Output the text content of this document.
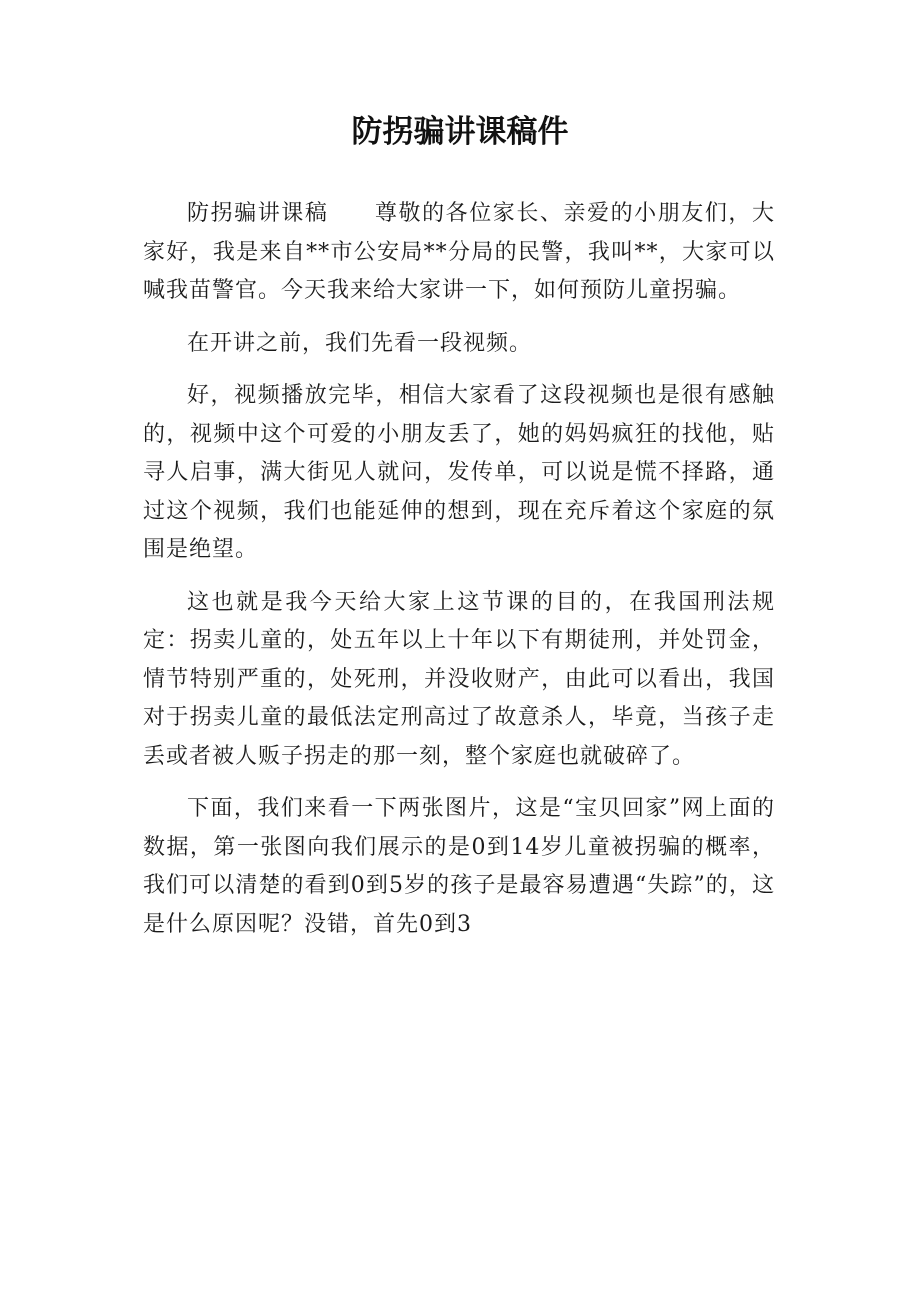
防拐骗讲课稿件

防拐骗讲课稿 尊敬的各位家长、亲爱的小朋友们，大家好，我是来自**市公安局**分局的民警，我叫**，大家可以喊我苗警官。今天我来给大家讲一下，如何预防儿童拐骗。

在开讲之前，我们先看一段视频。

好，视频播放完毕，相信大家看了这段视频也是很有感触的，视频中这个可爱的小朋友丢了，她的妈妈疯狂的找他，贴寻人启事，满大街见人就问，发传单，可以说是慌不择路，通过这个视频，我们也能延伸的想到，现在充斥着这个家庭的氛围是绝望。

这也就是我今天给大家上这节课的目的，在我国刑法规定：拐卖儿童的，处五年以上十年以下有期徒刑，并处罚金，情节特别严重的，处死刑，并没收财产，由此可以看出，我国对于拐卖儿童的最低法定刑高过了故意杀人，毕竟，当孩子走丢或者被人贩子拐走的那一刻，整个家庭也就破碎了。

下面，我们来看一下两张图片，这是“宝贝回家”网上面的数据，第一张图向我们展示的是0到14岁儿童被拐骗的概率，我们可以清楚的看到0到5岁的孩子是最容易遭遇“失踪”的，这是什么原因呢？没错，首先0到3
